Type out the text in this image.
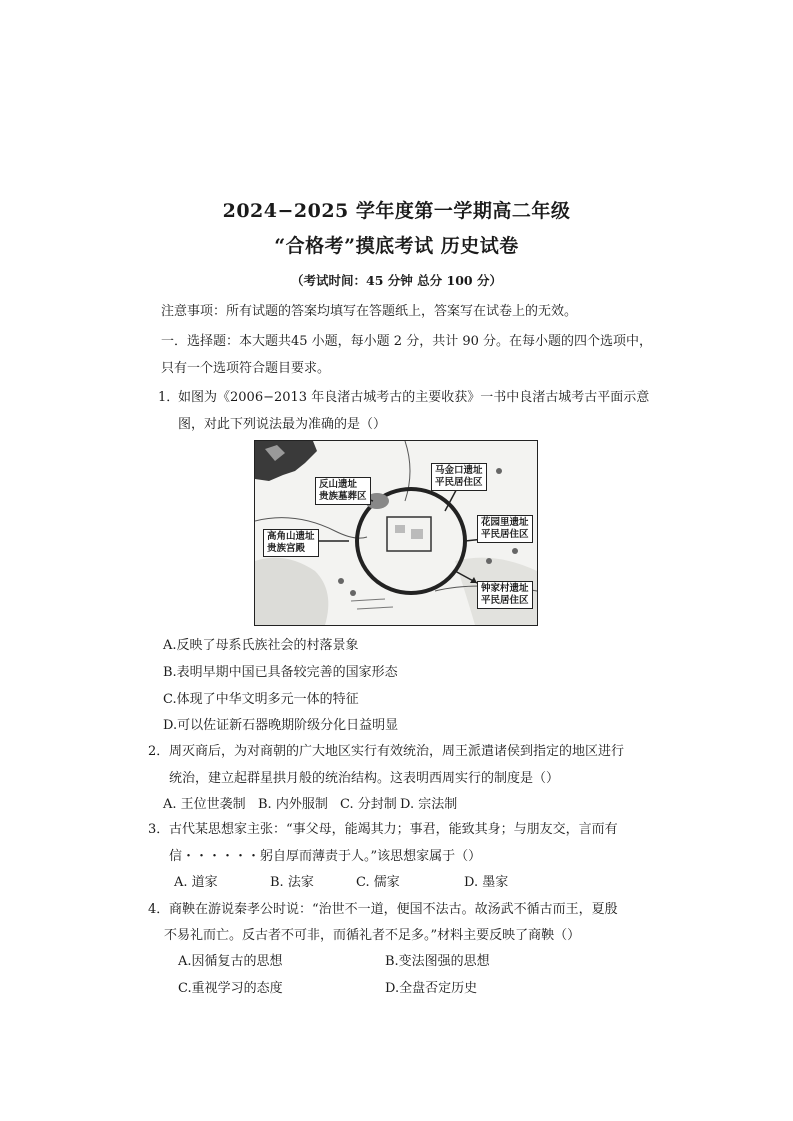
2024−2025 学年度第一学期高二年级
“合格考”摸底考试 历史试卷
（考试时间：45 分钟 总分 100 分）
注意事项：所有试题的答案均填写在答题纸上，答案写在试卷上的无效。
一．选择题：本大题共45 小题，每小题 2 分，共计 90 分。在每小题的四个选项中，
只有一个选项符合题目要求。
1．
如图为《2006−2013 年良渚古城考古的主要收获》一书中良渚古城考古平面示意
图，对此下列说法最为准确的是（）
反山遗址
贵族墓葬区
马金口遗址
平民居住区
花园里遗址
平民居住区
高角山遗址
贵族宫殿
钟家村遗址
平民居住区
A.反映了母系氏族社会的村落景象
B.表明早期中国已具备较完善的国家形态
C.体现了中华文明多元一体的特征
D.可以佐证新石器晚期阶级分化日益明显
2． 周灭商后，为对商朝的广大地区实行有效统治，周王派遣诸侯到指定的地区进行
统治，建立起群星拱月般的统治结构。这表明西周实行的制度是（）
A. 王位世袭制 B. 内外服制 C. 分封制 D. 宗法制
3． 古代某思想家主张：“事父母，能竭其力；事君，能致其身；与朋友交，言而有
信・・・・・・躬自厚而薄责于人。”该思想家属于（）
A. 道家	B. 法家	C. 儒家	D. 墨家
4． 商鞅在游说秦孝公时说：“治世不一道，便国不法古。故汤武不循古而王，夏殷
不易礼而亡。反古者不可非，而循礼者不足多。”材料主要反映了商鞅（）
A.因循复古的思想	B.变法图强的思想
C.重视学习的态度	D.全盘否定历史
